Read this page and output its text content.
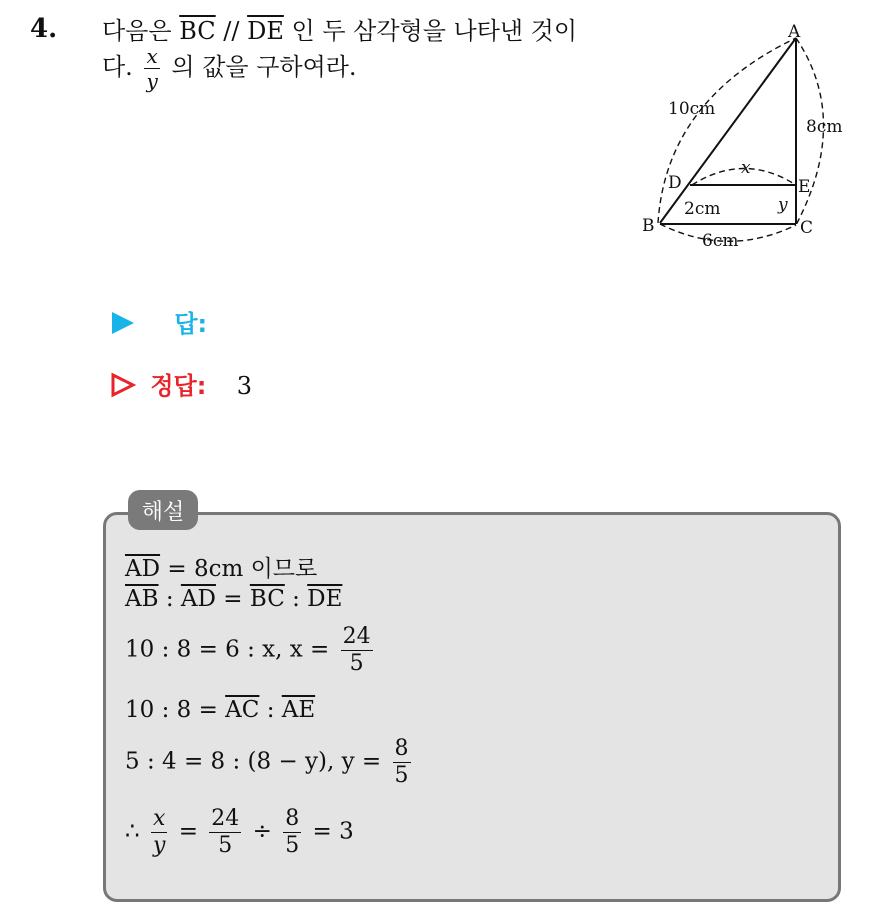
4. 다음은 $\overline{BC} // \overline{DE}$ 인 두 삼각형을 나타낸 것이
다. $\frac{x}{y}$ 의 값을 구하여라.
A
B	C
D	E
10cm
8cm
x
2cm	y
6cm
답:
정답: 3
해설
$\overline{AD} = 8cm$ 이므로
$\overline{AB}$ : $\overline{AD} = \overline{BC}$ : $\overline{DE}$
10 : 8 = 6 : x, $x = \frac{24}{5}$
10 : $8 = \overline{AC}$ : $\overline{AE}$
5 : 4 = 8 : (8 − y), $y = \frac{8}{5}$
∴ $\frac{x}{y} = \frac{24}{5} \div \frac{8}{5} = 3$
